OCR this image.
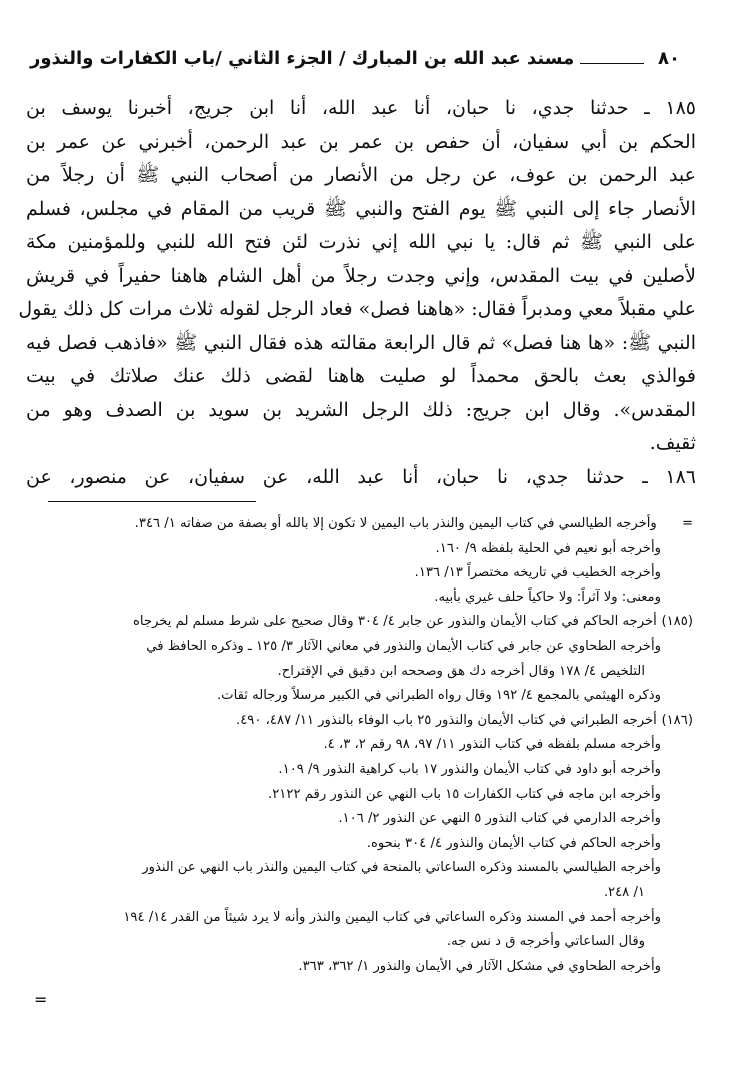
٨٠
مسند عبد الله بن المبارك / الجزء الثاني /باب الكفارات والنذور
١٨٥ ـ حدثنا جدي، نا حبان، أنا عبد الله، أنا ابن جريج، أخبرنا يوسف بن
الحكم بن أبي سفيان، أن حفص بن عمر بن عبد الرحمن، أخبرني عن عمر بن
عبد الرحمن بن عوف، عن رجل من الأنصار من أصحاب النبي ﷺ أن رجلاً من
الأنصار جاء إلى النبي ﷺ يوم الفتح والنبي ﷺ قريب من المقام في مجلس، فسلم
على النبي ﷺ ثم قال: يا نبي الله إني نذرت لئن فتح الله للنبي وللمؤمنين مكة
لأصلين في بيت المقدس، وإني وجدت رجلاً من أهل الشام هاهنا حفيراً في قريش
علي مقبلاً معي ومدبراً فقال: «هاهنا فصل» فعاد الرجل لقوله ثلاث مرات كل ذلك يقول
النبي ﷺ: «ها هنا فصل» ثم قال الرابعة مقالته هذه فقال النبي ﷺ «فاذهب فصل فيه
فوالذي بعث بالحق محمداً لو صليت هاهنا لقضى ذلك عنك صلاتك في بيت
المقدس». وقال ابن جريج: ذلك الرجل الشريد بن سويد بن الصدف وهو من
ثقيف.
١٨٦ ـ حدثنا جدي، نا حبان، أنا عبد الله، عن سفيان، عن منصور، عن
= وأخرجه الطيالسي في كتاب اليمين والنذر باب اليمين لا تكون إلا بالله أو بصفة من صفاته ١/ ٣٤٦.
وأخرجه أبو نعيم في الحلية بلفظه ٩/ ١٦٠.
وأخرجه الخطيب في تاريخه مختصراً ١٣/ ١٣٦.
ومعنى: ولا آثراً: ولا حاكياً حلف غيري بأبيه.
(١٨٥) أخرجه الحاكم في كتاب الأيمان والنذور عن جابر ٤/ ٣٠٤ وقال صحيح على شرط مسلم لم يخرجاه
وأخرجه الطحاوي عن جابر في كتاب الأيمان والنذور في معاني الآثار ٣/ ١٢٥ ـ وذكره الحافظ في
التلخيص ٤/ ١٧٨ وقال أخرجه دك هق وصححه ابن دقيق في الإقتراح.
وذكره الهيثمي بالمجمع ٤/ ١٩٢ وقال رواه الطبراني في الكبير مرسلاً ورجاله ثقات.
(١٨٦) أخرجه الطبراني في كتاب الأيمان والنذور ٢٥ باب الوفاء بالنذور ١١/ ٤٨٧، ٤٩٠.
وأخرجه مسلم بلفظه في كتاب النذور ١١/ ٩٧، ٩٨ رقم ٢، ٣، ٤.
وأخرجه أبو داود في كتاب الأيمان والنذور ١٧ باب كراهية النذور ٩/ ١٠٩.
وأخرجه ابن ماجه في كتاب الكفارات ١٥ باب النهي عن النذور رقم ٢١٢٢.
وأخرجه الدارمي في كتاب النذور ٥ النهي عن النذور ٢/ ١٠٦.
وأخرجه الحاكم في كتاب الأيمان والنذور ٤/ ٣٠٤ بنحوه.
وأخرجه الطيالسي بالمسند وذكره الساعاتي بالمنحة في كتاب اليمين والنذر باب النهي عن النذور
١/ ٢٤٨.
وأخرجه أحمد في المسند وذكره الساعاتي في كتاب اليمين والنذر وأنه لا يرد شيئاً من القدر ١٤/ ١٩٤
وقال الساعاتي وأخرجه ق د نس جه.
وأخرجه الطحاوي في مشكل الآثار في الأيمان والنذور ١/ ٣٦٢، ٣٦٣.
=
